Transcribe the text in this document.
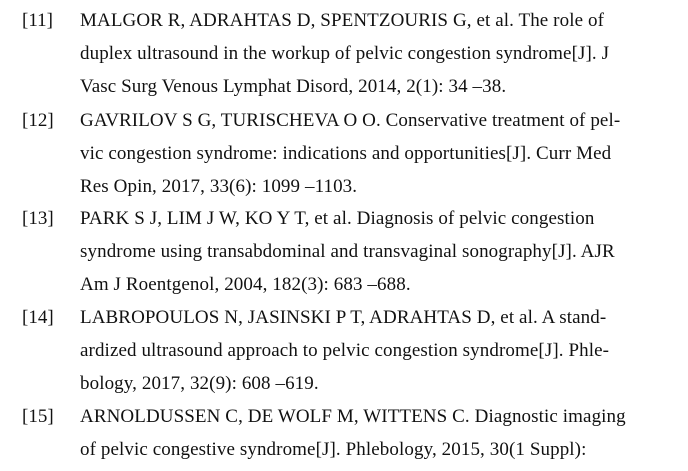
[11] MALGOR R, ADRAHTAS D, SPENTZOURIS G, et al. The role of
duplex ultrasound in the workup of pelvic congestion syndrome[J]. J
Vasc Surg Venous Lymphat Disord, 2014, 2(1): 34 –38.
[12] GAVRILOV S G, TURISCHEVA O O. Conservative treatment of pel-
vic congestion syndrome: indications and opportunities[J]. Curr Med
Res Opin, 2017, 33(6): 1099 –1103.
[13] PARK S J, LIM J W, KO Y T, et al. Diagnosis of pelvic congestion
syndrome using transabdominal and transvaginal sonography[J]. AJR
Am J Roentgenol, 2004, 182(3): 683 –688.
[14] LABROPOULOS N, JASINSKI P T, ADRAHTAS D, et al. A stand-
ardized ultrasound approach to pelvic congestion syndrome[J]. Phle-
bology, 2017, 32(9): 608 –619.
[15] ARNOLDUSSEN C, DE WOLF M, WITTENS C. Diagnostic imaging
of pelvic congestive syndrome[J]. Phlebology, 2015, 30(1 Suppl):
